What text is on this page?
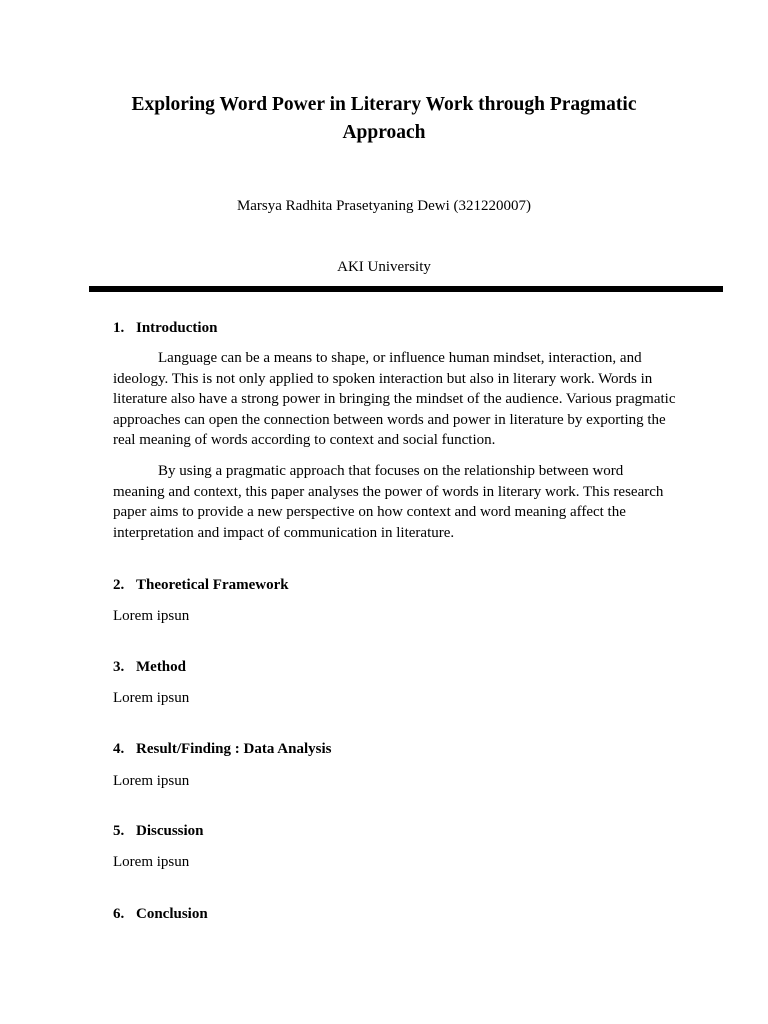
Exploring Word Power in Literary Work through Pragmatic
Approach
Marsya Radhita Prasetyaning Dewi (321220007)
AKI University
1. Introduction

Language can be a means to shape, or influence human mindset, interaction, and
ideology. This is not only applied to spoken interaction but also in literary work. Words in
literature also have a strong power in bringing the mindset of the audience. Various pragmatic
approaches can open the connection between words and power in literature by exporting the
real meaning of words according to context and social function.

By using a pragmatic approach that focuses on the relationship between word
meaning and context, this paper analyses the power of words in literary work. This research
paper aims to provide a new perspective on how context and word meaning affect the
interpretation and impact of communication in literature.

2. Theoretical Framework

Lorem ipsun

3. Method

Lorem ipsun

4. Result/Finding : Data Analysis

Lorem ipsun

5. Discussion

Lorem ipsun

6. Conclusion
